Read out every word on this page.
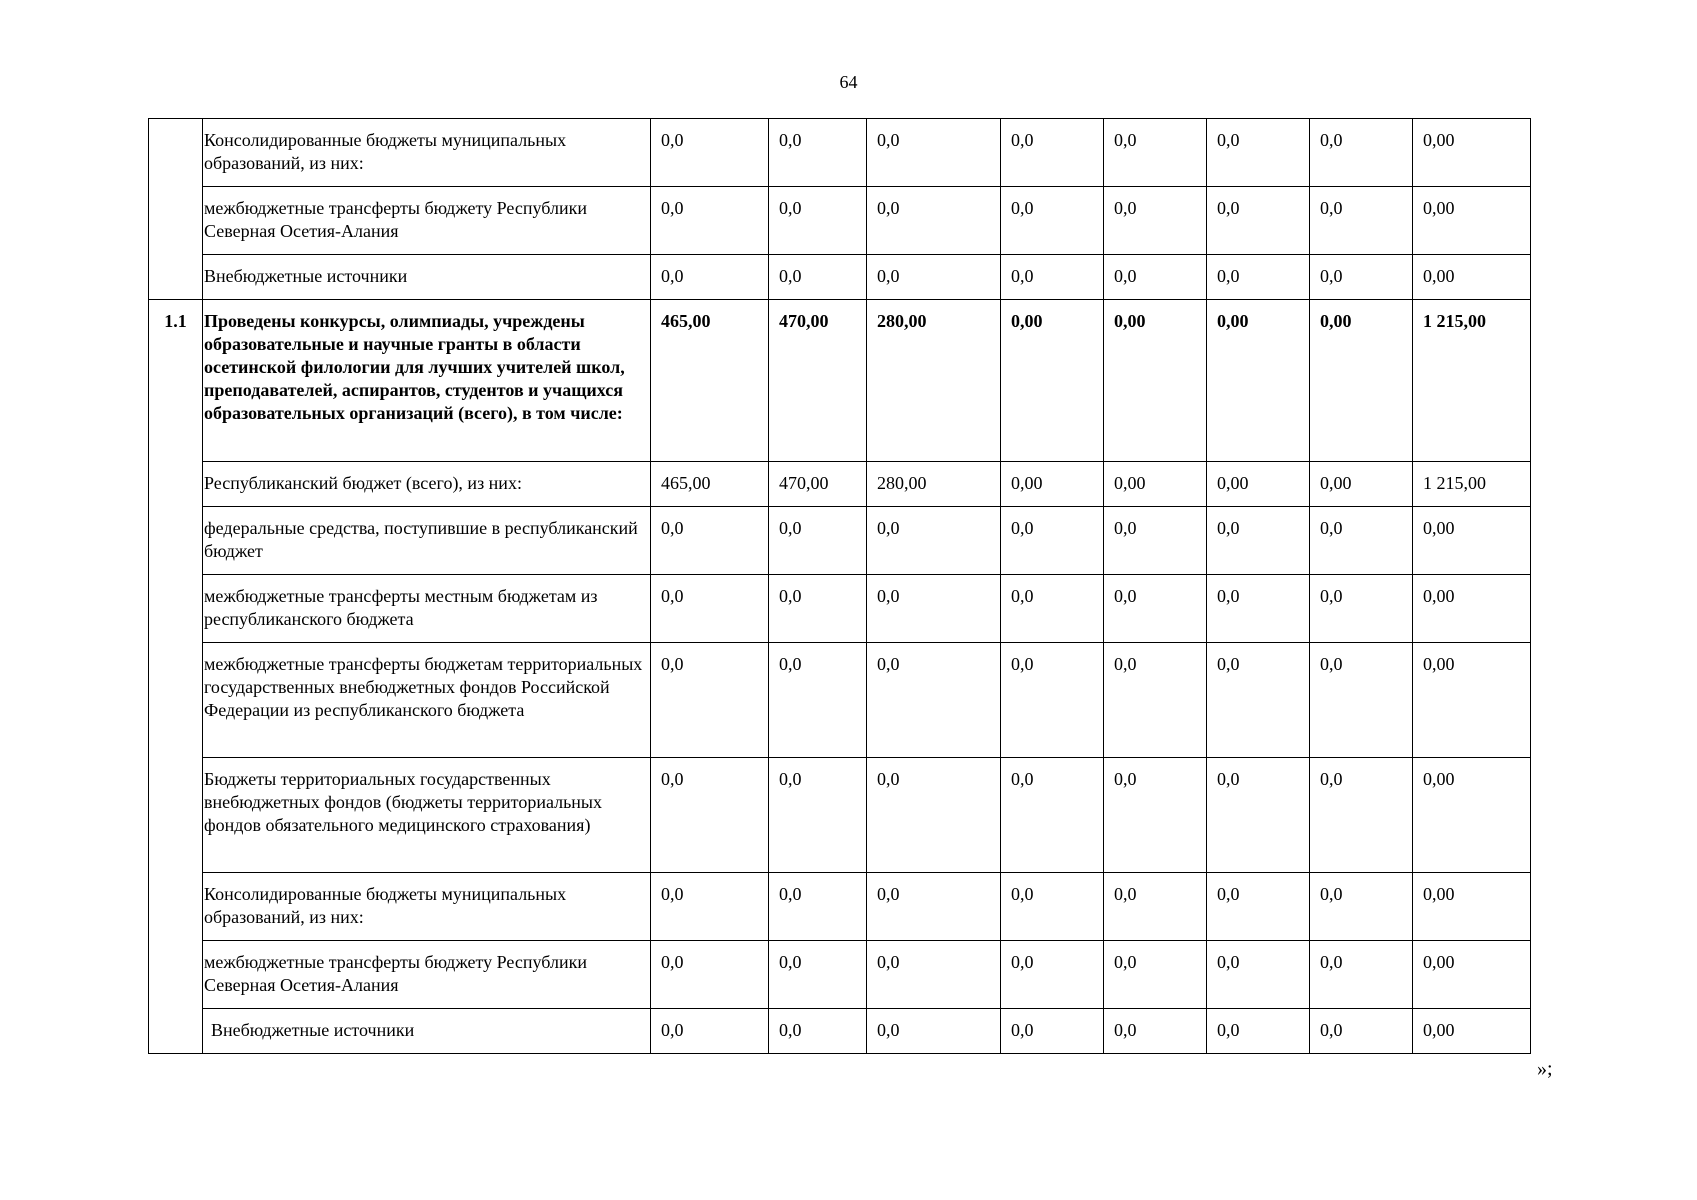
64
	Консолидированные бюджеты муниципальных образований, из них:	0,0	0,0	0,0	0,0	0,0	0,0	0,0	0,00
	межбюджетные трансферты бюджету Республики Северная Осетия-Алания	0,0	0,0	0,0	0,0	0,0	0,0	0,0	0,00
	Внебюджетные источники	0,0	0,0	0,0	0,0	0,0	0,0	0,0	0,00
1.1	Проведены конкурсы, олимпиады, учреждены образовательные и научные гранты в области осетинской филологии для лучших учителей школ, преподавателей, аспирантов, студентов и учащихся образовательных организаций (всего), в том числе:	465,00	470,00	280,00	0,00	0,00	0,00	0,00	1 215,00
	Республиканский бюджет (всего), из них:	465,00	470,00	280,00	0,00	0,00	0,00	0,00	1 215,00
	федеральные средства, поступившие в республиканский бюджет	0,0	0,0	0,0	0,0	0,0	0,0	0,0	0,00
	межбюджетные трансферты местным бюджетам из республиканского бюджета	0,0	0,0	0,0	0,0	0,0	0,0	0,0	0,00
	межбюджетные трансферты бюджетам территориальных государственных внебюджетных фондов Российской Федерации из республиканского бюджета	0,0	0,0	0,0	0,0	0,0	0,0	0,0	0,00
	Бюджеты территориальных государственных внебюджетных фондов (бюджеты территориальных фондов обязательного медицинского страхования)	0,0	0,0	0,0	0,0	0,0	0,0	0,0	0,00
	Консолидированные бюджеты муниципальных образований, из них:	0,0	0,0	0,0	0,0	0,0	0,0	0,0	0,00
	межбюджетные трансферты бюджету Республики Северная Осетия-Алания	0,0	0,0	0,0	0,0	0,0	0,0	0,0	0,00
	Внебюджетные источники	0,0	0,0	0,0	0,0	0,0	0,0	0,0	0,00
»;
